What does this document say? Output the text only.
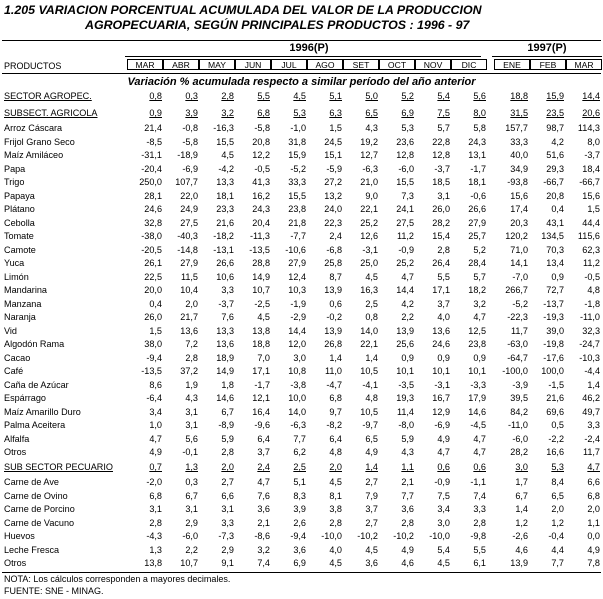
1.205 VARIACION PORCENTUAL ACUMULADA DEL VALOR DE LA PRODUCCION
AGROPECUARIA, SEGÚN PRINCIPALES PRODUCTOS : 1996 - 97
PRODUCTOS
1996(P)	1997(P)
MAR	ABR	MAY	JUN	JUL	AGO	SET	OCT	NOV	DIC	ENE	FEB	MAR
Variación % acumulada respecto a similar período del año anterior
SECTOR AGROPEC.	0,8	0,3	2,8	5,5	4,5	5,1	5,0	5,2	5,4	5,6	18,8	15,9	14,4
SUBSECT. AGRICOLA	0,9	3,9	3,2	6,8	5,3	6,3	6,5	6,9	7,5	8,0	31,5	23,5	20,6
Arroz Cáscara	21,4	-0,8	-16,3	-5,8	-1,0	1,5	4,3	5,3	5,7	5,8	157,7	98,7	114,3
Frijol Grano Seco	-8,5	-5,8	15,5	20,8	31,8	24,5	19,2	23,6	22,8	24,3	33,3	4,2	8,0
Maíz Amiláceo	-31,1	-18,9	4,5	12,2	15,9	15,1	12,7	12,8	12,8	13,1	40,0	51,6	-3,7
Papa	-20,4	-6,9	-4,2	-0,5	-5,2	-5,9	-6,3	-6,0	-3,7	-1,7	34,9	29,3	18,4
Trigo	250,0	107,7	13,3	41,3	33,3	27,2	21,0	15,5	18,5	18,1	-93,8	-66,7	-66,7
Papaya	28,1	22,0	18,1	16,2	15,5	13,2	9,0	7,3	3,1	-0,6	15,6	20,8	15,6
Plátano	24,6	24,9	23,3	24,3	23,8	24,0	22,1	24,1	26,0	26,6	17,4	0,4	1,5
Cebolla	32,8	27,5	21,6	20,4	21,8	22,3	25,2	27,5	28,2	27,9	20,3	43,1	44,4
Tomate	-38,0	-40,3	-18,2	-11,3	-7,7	2,4	12,6	11,2	15,4	25,7	120,2	134,5	115,6
Camote	-20,5	-14,8	-13,1	-13,5	-10,6	-6,8	-3,1	-0,9	2,8	5,2	71,0	70,3	62,3
Yuca	26,1	27,9	26,6	28,8	27,9	25,8	25,0	25,2	26,4	28,4	14,1	13,4	11,2
Limón	22,5	11,5	10,6	14,9	12,4	8,7	4,5	4,7	5,5	5,7	-7,0	0,9	-0,5
Mandarina	20,0	10,4	3,3	10,7	10,3	13,9	16,3	14,4	17,1	18,2	266,7	72,7	4,8
Manzana	0,4	2,0	-3,7	-2,5	-1,9	0,6	2,5	4,2	3,7	3,2	-5,2	-13,7	-1,8
Naranja	26,0	21,7	7,6	4,5	-2,9	-0,2	0,8	2,2	4,0	4,7	-22,3	-19,3	-11,0
Vid	1,5	13,6	13,3	13,8	14,4	13,9	14,0	13,9	13,6	12,5	11,7	39,0	32,3
Algodón Rama	38,0	7,2	13,6	18,8	12,0	26,8	22,1	25,6	24,6	23,8	-63,0	-19,8	-24,7
Cacao	-9,4	2,8	18,9	7,0	3,0	1,4	1,4	0,9	0,9	0,9	-64,7	-17,6	-10,3
Café	-13,5	37,2	14,9	17,1	10,8	11,0	10,5	10,1	10,1	10,1	-100,0	100,0	-4,4
Caña de Azúcar	8,6	1,9	1,8	-1,7	-3,8	-4,7	-4,1	-3,5	-3,1	-3,3	-3,9	-1,5	1,4
Espárrago	-6,4	4,3	14,6	12,1	10,0	6,8	4,8	19,3	16,7	17,9	39,5	21,6	46,2
Maíz Amarillo Duro	3,4	3,1	6,7	16,4	14,0	9,7	10,5	11,4	12,9	14,6	84,2	69,6	49,7
Palma Aceitera	1,0	3,1	-8,9	-9,6	-6,3	-8,2	-9,7	-8,0	-6,9	-4,5	-11,0	0,5	3,3
Alfalfa	4,7	5,6	5,9	6,4	7,7	6,4	6,5	5,9	4,9	4,7	-6,0	-2,2	-2,4
Otros	4,9	-0,1	2,8	3,7	6,2	4,8	4,9	4,3	4,7	4,7	28,2	16,6	11,7
SUB SECTOR PECUARIO	0,7	1,3	2,0	2,4	2,5	2,0	1,4	1,1	0,6	0,6	3,0	5,3	4,7
Carne de Ave	-2,0	0,3	2,7	4,7	5,1	4,5	2,7	2,1	-0,9	-1,1	1,7	8,4	6,6
Carne de Ovino	6,8	6,7	6,6	7,6	8,3	8,1	7,9	7,7	7,5	7,4	6,7	6,5	6,8
Carne de Porcino	3,1	3,1	3,1	3,6	3,9	3,8	3,7	3,6	3,4	3,3	1,4	2,0	2,0
Carne de Vacuno	2,8	2,9	3,3	2,1	2,6	2,8	2,7	2,8	3,0	2,8	1,2	1,2	1,1
Huevos	-4,3	-6,0	-7,3	-8,6	-9,4	-10,0	-10,2	-10,2	-10,0	-9,8	-2,6	-0,4	0,0
Leche Fresca	1,3	2,2	2,9	3,2	3,6	4,0	4,5	4,9	5,4	5,5	4,6	4,4	4,9
Otros	13,8	10,7	9,1	7,4	6,9	4,5	3,6	4,6	4,5	6,1	13,9	7,7	7,8
NOTA: Los cálculos corresponden a mayores decimales.
FUENTE: SNE - MINAG.
